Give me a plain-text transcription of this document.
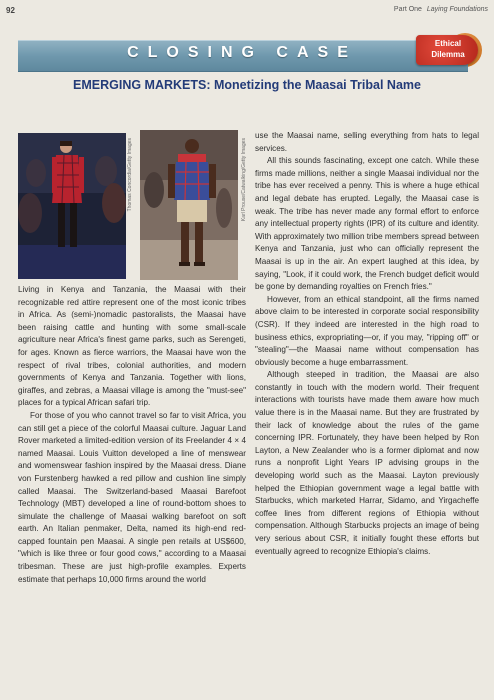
92	Part One Laying Foundations
CLOSING CASE
Ethical
Dilemma
EMERGING MARKETS: Monetizing the Maasai Tribal Name
Thomas Concordia/Getty Images	Karl Prouse/Catwalking/Getty Images

Living in Kenya and Tanzania, the Maasai with their recognizable red attire represent one of the most iconic tribes in Africa. As (semi-)nomadic pastoralists, the Maasai have been raising cattle and hunting with some small-scale agriculture near Africa's finest game parks, such as Serengeti, for ages. Known as fierce warriors, the Maasai have won the respect of rival tribes, colonial authorities, and modern governments of Kenya and Tanzania. Together with lions, giraffes, and zebras, a Maasai village is among the "must-see" places for a typical African safari trip.

For those of you who cannot travel so far to visit Africa, you can still get a piece of the colorful Maasai culture. Jaguar Land Rover marketed a limited-edition version of its Freelander 4 × 4 named Maasai. Louis Vuitton developed a line of menswear and womenswear fashion inspired by the Maasai dress. Diane von Furstenberg hawked a red pillow and cushion line simply called Maasai. The Switzerland-based Maasai Barefoot Technology (MBT) developed a line of round-bottom shoes to simulate the challenge of Maasai walking barefoot on soft earth. An Italian penmaker, Delta, named its high-end red-capped fountain pen Maasai. A single pen retails at US$600, "which is like three or four good cows," according to a Maasai tribesman. These are just high-profile examples. Experts estimate that perhaps 10,000 firms around the world

use the Maasai name, selling everything from hats to legal services.

All this sounds fascinating, except one catch. While these firms made millions, neither a single Maasai individual nor the tribe has ever received a penny. This is where a huge ethical and legal debate has erupted. Legally, the Maasai case is weak. The tribe has never made any formal effort to enforce any intellectual property rights (IPR) of its culture and identity. With approximately two million tribe members spread between Kenya and Tanzania, just who can officially represent the Maasai is up in the air. An expert laughed at this idea, by saying, "Look, if it could work, the French budget deficit would be gone by demanding royalties on French fries."

However, from an ethical standpoint, all the firms named above claim to be interested in corporate social responsibility (CSR). If they indeed are interested in the high road to business ethics, expropriating—or, if you may, "ripping off" or "stealing"—the Maasai name without compensation has obviously become a huge embarrassment.

Although steeped in tradition, the Maasai are also constantly in touch with the modern world. Their frequent interactions with tourists have made them aware how much value there is in the Maasai name. But they are frustrated by their lack of knowledge about the rules of the game concerning IPR. Fortunately, they have been helped by Ron Layton, a New Zealander who is a former diplomat and now runs a nonprofit Light Years IP advising groups in the developing world such as the Maasai. Layton previously helped the Ethiopian government wage a legal battle with Starbucks, which marketed Harrar, Sidamo, and Yirgacheffe coffee lines from different regions of Ethiopia without compensation. Although Starbucks projects an image of being very serious about CSR, it initially fought these efforts but eventually agreed to recognize Ethiopia's claims.
